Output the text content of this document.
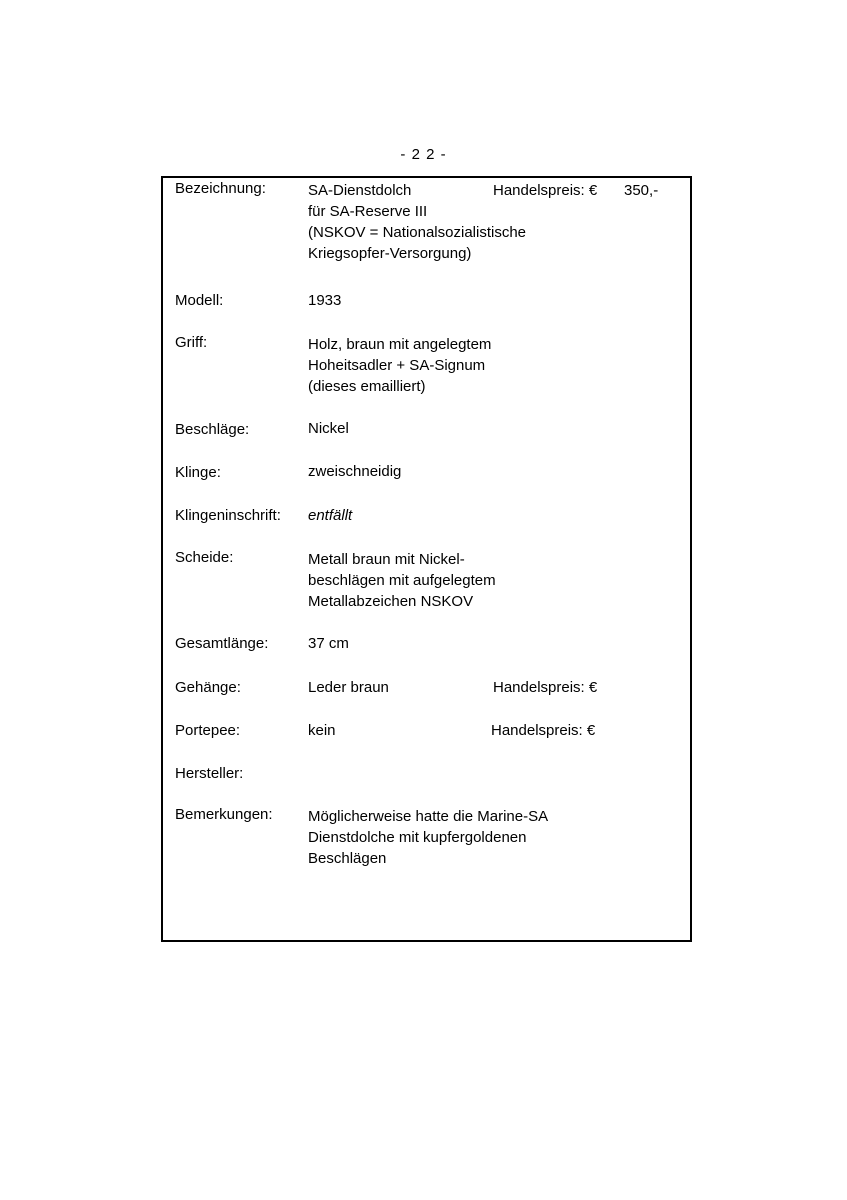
- 2 2 -
Bezeichnung:	SA-Dienstdolch
für SA-Reserve III
(NSKOV = Nationalsozialistische
Kriegsopfer-Versorgung)
Handelspreis: € 350,-
Modell:	1933
Griff:	Holz, braun mit angelegtem
Hoheitsadler + SA-Signum
(dieses emailliert)
Beschläge:	Nickel
Klinge:	zweischneidig
Klingeninschrift: entfällt
Scheide:	Metall braun mit Nickel-
beschlägen mit aufgelegtem
Metallabzeichen NSKOV
Gesamtlänge:	37 cm
Gehänge:	Leder braun	Handelspreis: €
Portepee:	kein	Handelspreis: €
Hersteller:
Bemerkungen: Möglicherweise hatte die Marine-SA
Dienstdolche mit kupfergoldenen
Beschlägen
